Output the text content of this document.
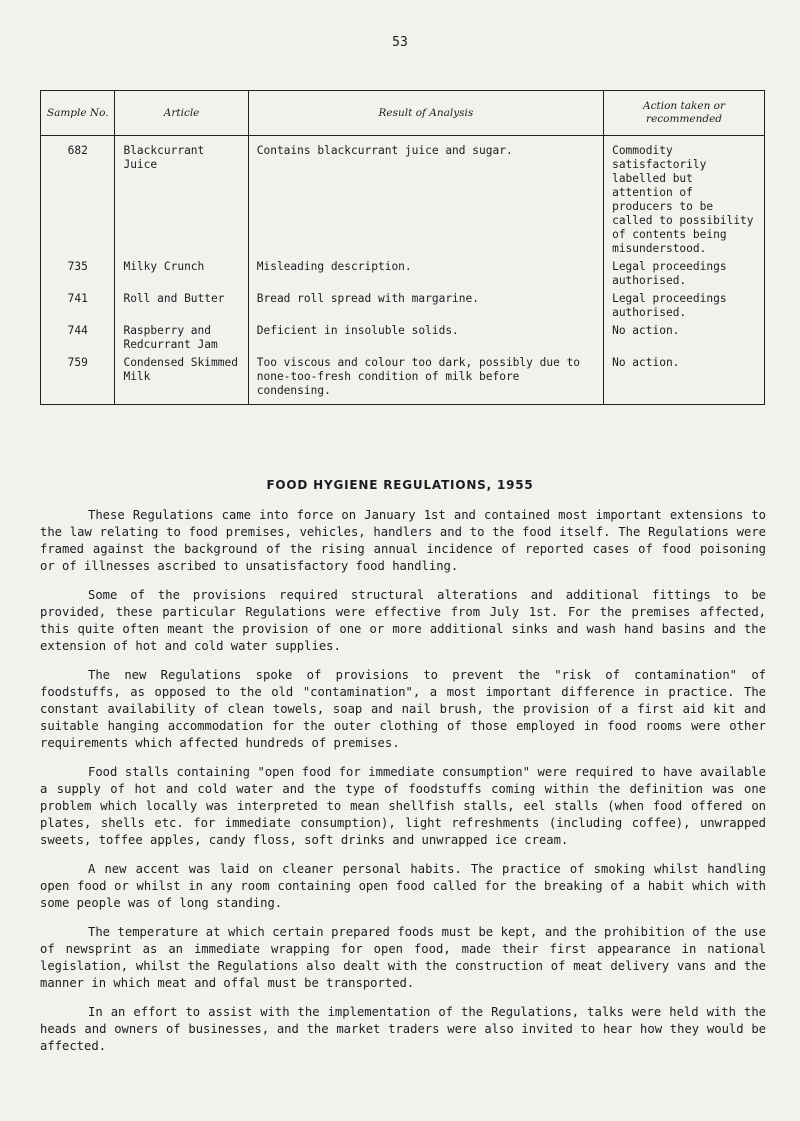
53
Sample No.	Article	Result of Analysis	Action taken or recommended
682	Blackcurrant Juice	Contains blackcurrant juice and sugar.	Commodity satisfactorily labelled but attention of producers to be called to possibility of contents being misunderstood.
735	Milky Crunch	Misleading description.	Legal proceedings authorised.
741	Roll and Butter	Bread roll spread with margarine.	Legal proceedings authorised.
744	Raspberry and Redcurrant Jam	Deficient in insoluble solids.	No action.
759	Condensed Skimmed Milk	Too viscous and colour too dark, possibly due to none-too-fresh condition of milk before condensing.	No action.
FOOD HYGIENE REGULATIONS, 1955

These Regulations came into force on January 1st and contained most important extensions to the law relating to food premises, vehicles, handlers and to the food itself. The Regulations were framed against the background of the rising annual incidence of reported cases of food poisoning or of illnesses ascribed to unsatisfactory food handling.

Some of the provisions required structural alterations and additional fittings to be provided, these particular Regulations were effective from July 1st. For the premises affected, this quite often meant the provision of one or more additional sinks and wash hand basins and the extension of hot and cold water supplies.

The new Regulations spoke of provisions to prevent the "risk of contamination" of foodstuffs, as opposed to the old "contamination", a most important difference in practice. The constant availability of clean towels, soap and nail brush, the provision of a first aid kit and suitable hanging accommodation for the outer clothing of those employed in food rooms were other requirements which affected hundreds of premises.

Food stalls containing "open food for immediate consumption" were required to have available a supply of hot and cold water and the type of foodstuffs coming within the definition was one problem which locally was interpreted to mean shellfish stalls, eel stalls (when food offered on plates, shells etc. for immediate consumption), light refreshments (including coffee), unwrapped sweets, toffee apples, candy floss, soft drinks and unwrapped ice cream.

A new accent was laid on cleaner personal habits. The practice of smoking whilst handling open food or whilst in any room containing open food called for the breaking of a habit which with some people was of long standing.

The temperature at which certain prepared foods must be kept, and the prohibition of the use of newsprint as an immediate wrapping for open food, made their first appearance in national legislation, whilst the Regulations also dealt with the construction of meat delivery vans and the manner in which meat and offal must be transported.

In an effort to assist with the implementation of the Regulations, talks were held with the heads and owners of businesses, and the market traders were also invited to hear how they would be affected.
